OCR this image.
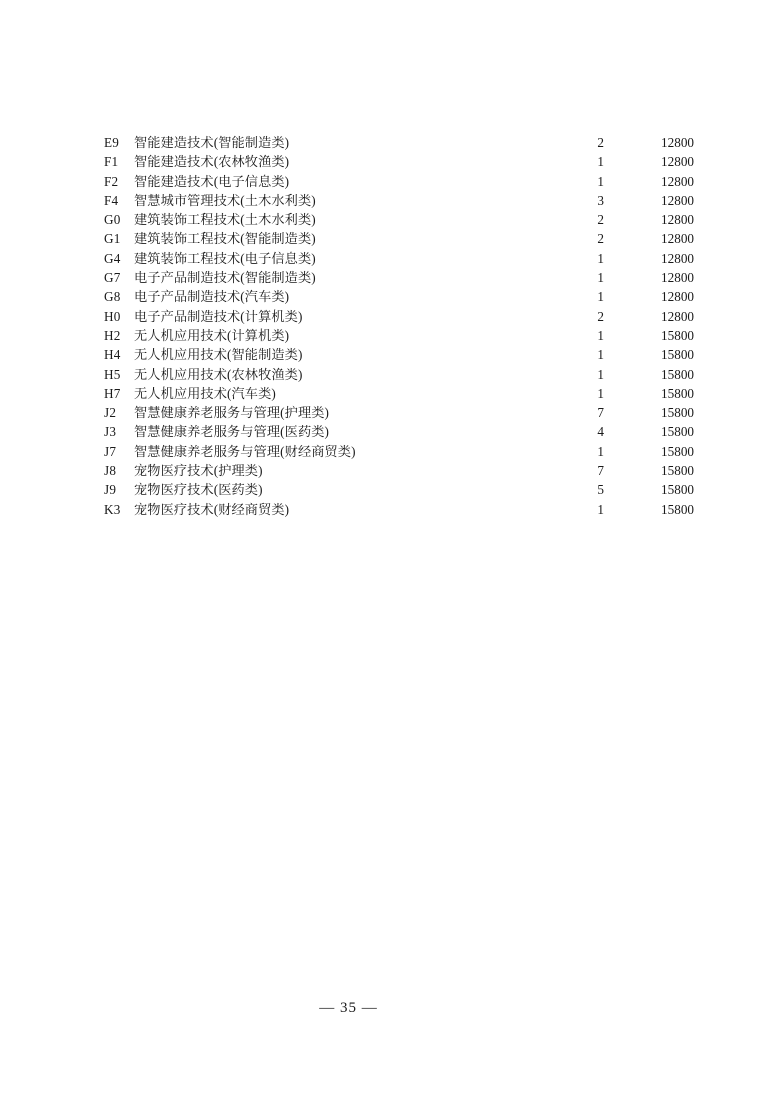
E9	智能建造技术(智能制造类)	2	12800
F1	智能建造技术(农林牧渔类)	1	12800
F2	智能建造技术(电子信息类)	1	12800
F4	智慧城市管理技术(土木水利类)	3	12800
G0	建筑装饰工程技术(土木水利类)	2	12800
G1	建筑装饰工程技术(智能制造类)	2	12800
G4	建筑装饰工程技术(电子信息类)	1	12800
G7	电子产品制造技术(智能制造类)	1	12800
G8	电子产品制造技术(汽车类)	1	12800
H0	电子产品制造技术(计算机类)	2	12800
H2	无人机应用技术(计算机类)	1	15800
H4	无人机应用技术(智能制造类)	1	15800
H5	无人机应用技术(农林牧渔类)	1	15800
H7	无人机应用技术(汽车类)	1	15800
J2	智慧健康养老服务与管理(护理类)	7	15800
J3	智慧健康养老服务与管理(医药类)	4	15800
J7	智慧健康养老服务与管理(财经商贸类)	1	15800
J8	宠物医疗技术(护理类)	7	15800
J9	宠物医疗技术(医药类)	5	15800
K3	宠物医疗技术(财经商贸类)	1	15800
— 35 —
